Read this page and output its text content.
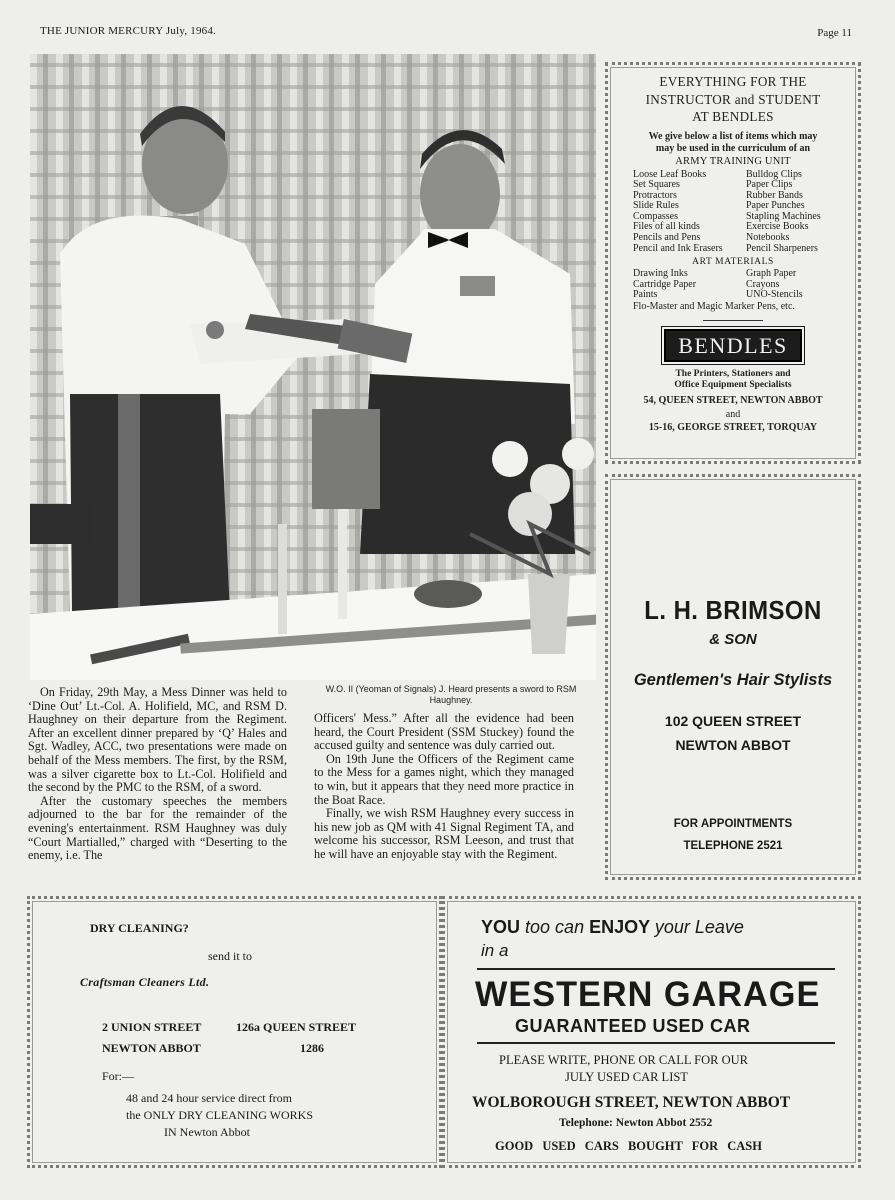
THE JUNIOR MERCURY July, 1964.	Page 11
W.O. II (Yeoman of Signals) J. Heard presents a sword to RSM Haughney.

On Friday, 29th May, a Mess Dinner was held to ‘Dine Out’ Lt.-Col. A. Holifield, MC, and RSM D. Haughney on their departure from the Regiment. After an excellent dinner prepared by ‘Q’ Hales and Sgt. Wadley, ACC, two presentations were made on behalf of the Mess members. The first, by the RSM, was a silver cigarette box to Lt.-Col. Holifield and the second by the PMC to the RSM, of a sword.

After the customary speeches the members adjourned to the bar for the remainder of the evening's entertainment. RSM Haughney was duly “Court Martialled,” charged with “Deserting to the enemy, i.e. The

Officers' Mess.” After all the evidence had been heard, the Court President (SSM Stuckey) found the accused guilty and sentence was duly carried out.

On 19th June the Officers of the Regiment came to the Mess for a games night, which they managed to win, but it appears that they need more practice in the Boat Race.

Finally, we wish RSM Haughney every success in his new job as QM with 41 Signal Regiment TA, and welcome his successor, RSM Leeson, and trust that he will have an enjoyable stay with the Regiment.

EVERYTHING FOR THE
INSTRUCTOR and STUDENT
AT BENDLES
We give below a list of items which may
may be used in the curriculum of an
ARMY TRAINING UNIT
Loose Leaf Books
Set Squares
Protractors
Slide Rules
Compasses
Files of all kinds
Pencils and Pens
Pencil and Ink Erasers
Bulldog Clips
Paper Clips
Rubber Bands
Paper Punches
Stapling Machines
Exercise Books
Notebooks
Pencil Sharpeners
ART MATERIALS
Drawing Inks
Cartridge Paper
Paints
Graph Paper
Crayons
UNO-Stencils
Flo-Master and Magic Marker Pens, etc.
BENDLES
The Printers, Stationers and
Office Equipment Specialists
54, QUEEN STREET, NEWTON ABBOT
and
15-16, GEORGE STREET, TORQUAY
L. H. BRIMSON
& SON
Gentlemen's Hair Stylists
102 QUEEN STREET
NEWTON ABBOT
FOR APPOINTMENTS
TELEPHONE 2521
DRY CLEANING?
send it to
Craftsman Cleaners Ltd.
2 UNION STREET
NEWTON ABBOT
126a QUEEN STREET
1286
For:—
48 and 24 hour service direct from
the ONLY DRY CLEANING WORKS
IN Newton Abbot
YOU too can ENJOY your Leave
in a
WESTERN GARAGE
GUARANTEED USED CAR
PLEASE WRITE, PHONE OR CALL FOR OUR
JULY USED CAR LIST
WOLBOROUGH STREET, NEWTON ABBOT
Telephone: Newton Abbot 2552
GOOD USED CARS BOUGHT FOR CASH
